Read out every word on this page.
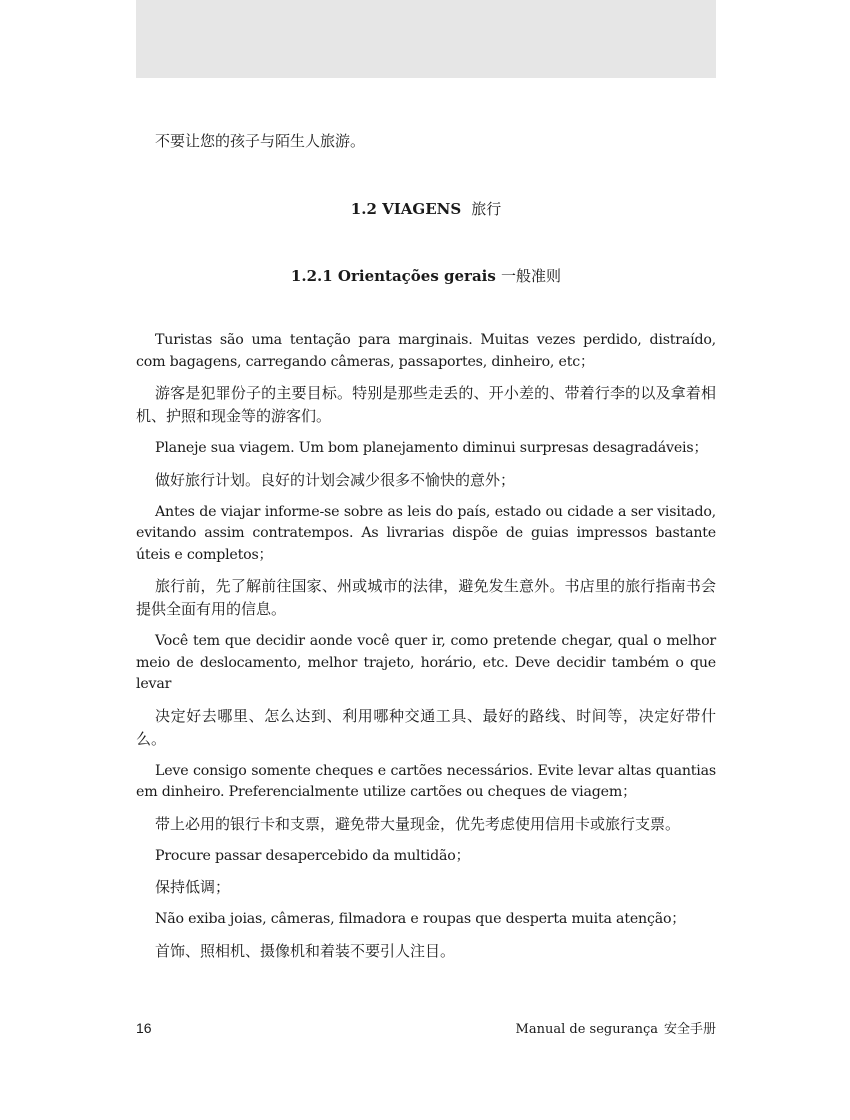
不要让您的孩子与陌生人旅游。
1.2 VIAGENS 旅行
1.2.1 Orientações gerais 一般准则

Turistas são uma tentação para marginais. Muitas vezes perdido, distraído, com bagagens, carregando câmeras, passaportes, dinheiro, etc；

游客是犯罪份子的主要目标。特别是那些走丢的、开小差的、带着行李的以及拿着相机、护照和现金等的游客们。

Planeje sua viagem. Um bom planejamento diminui surpresas desagradáveis；

做好旅行计划。良好的计划会减少很多不愉快的意外；

Antes de viajar informe-se sobre as leis do país, estado ou cidade a ser visitado, evitando assim contratempos. As livrarias dispõe de guias impressos bastante úteis e completos；

旅行前，先了解前往国家、州或城市的法律，避免发生意外。书店里的旅行指南书会提供全面有用的信息。

Você tem que decidir aonde você quer ir, como pretende chegar, qual o melhor meio de deslocamento, melhor trajeto, horário, etc. Deve decidir também o que levar

决定好去哪里、怎么达到、利用哪种交通工具、最好的路线、时间等，决定好带什么。

Leve consigo somente cheques e cartões necessários. Evite levar altas quantias em dinheiro. Preferencialmente utilize cartões ou cheques de viagem；

带上必用的银行卡和支票，避免带大量现金，优先考虑使用信用卡或旅行支票。

Procure passar desapercebido da multidão；

保持低调；

Não exiba joias, câmeras, filmadora e roupas que desperta muita atenção；

首饰、照相机、摄像机和着装不要引人注目。

16	Manual de segurança 安全手册
